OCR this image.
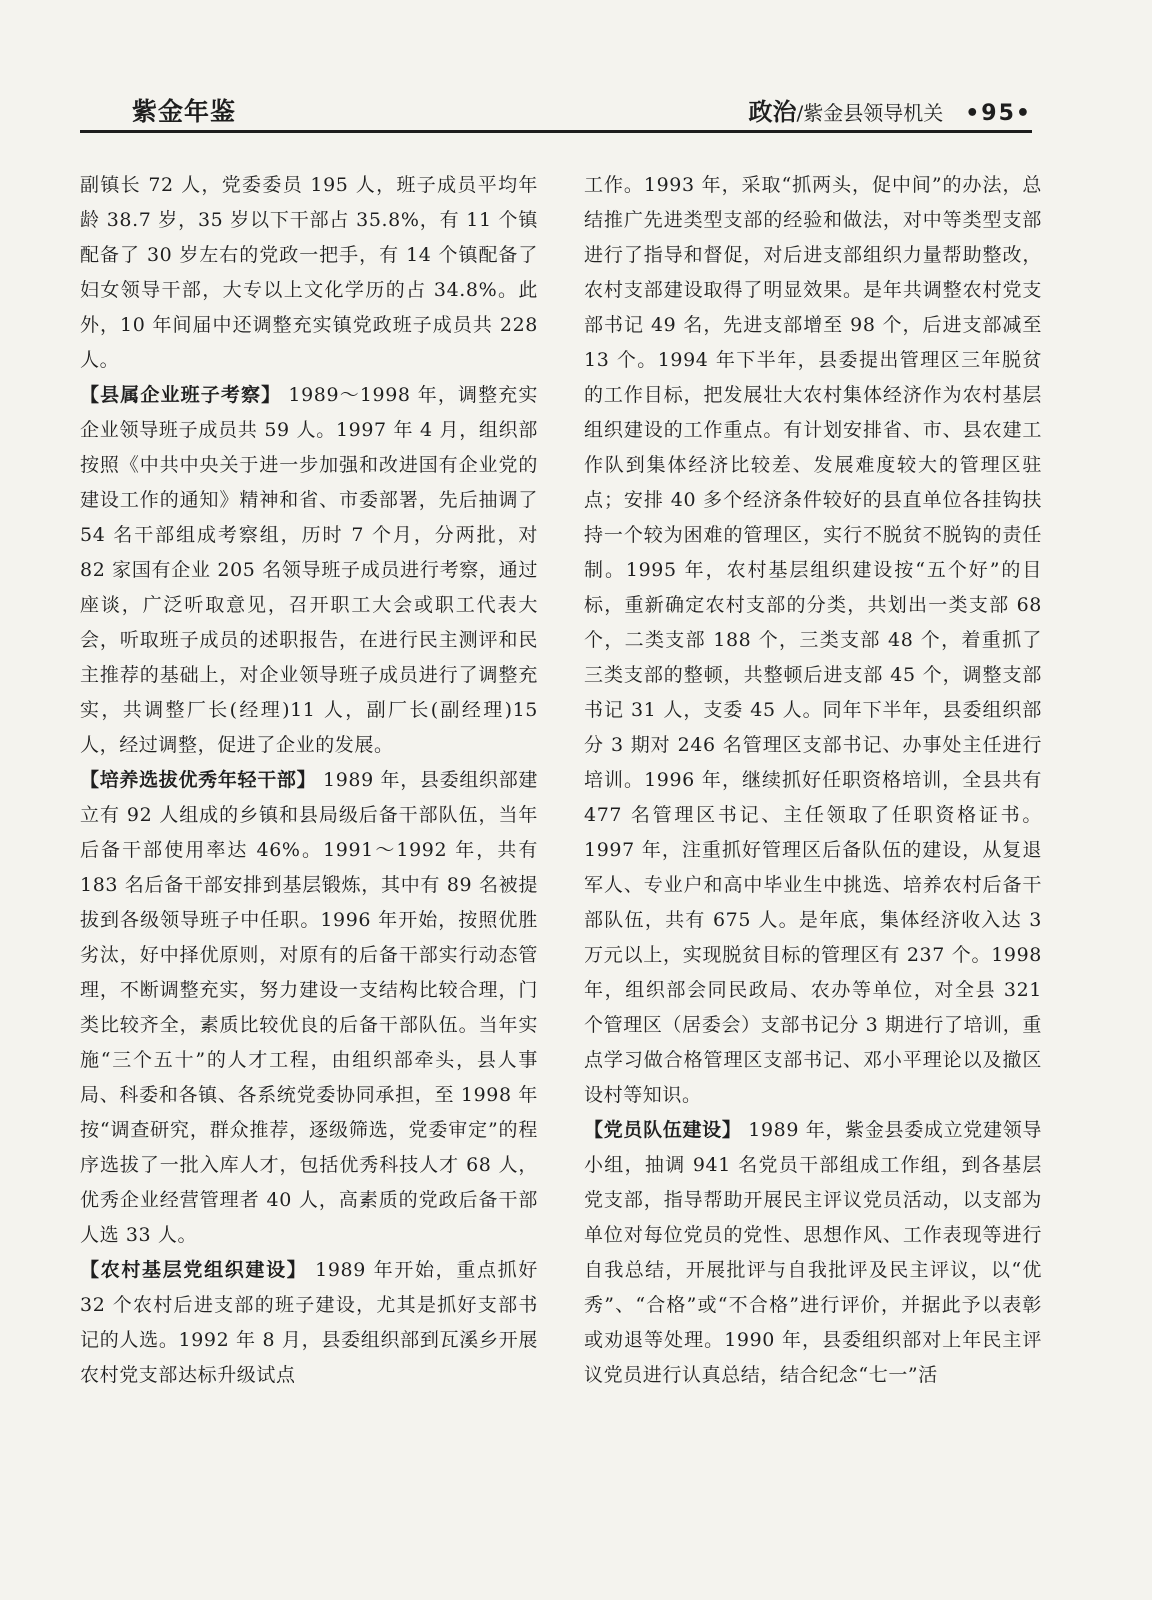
紫金年鉴	政治/紫金县领导机关 •95•

副镇长 72 人，党委委员 195 人，班子成员平均年龄 38.7 岁，35 岁以下干部占 35.8%，有 11 个镇配备了 30 岁左右的党政一把手，有 14 个镇配备了妇女领导干部，大专以上文化学历的占 34.8%。此外，10 年间届中还调整充实镇党政班子成员共 228 人。

【县属企业班子考察】 1989～1998 年，调整充实企业领导班子成员共 59 人。1997 年 4 月，组织部按照《中共中央关于进一步加强和改进国有企业党的建设工作的通知》精神和省、市委部署，先后抽调了 54 名干部组成考察组，历时 7 个月，分两批，对 82 家国有企业 205 名领导班子成员进行考察，通过座谈，广泛听取意见，召开职工大会或职工代表大会，听取班子成员的述职报告，在进行民主测评和民主推荐的基础上，对企业领导班子成员进行了调整充实，共调整厂长(经理)11 人，副厂长(副经理)15 人，经过调整，促进了企业的发展。

【培养选拔优秀年轻干部】 1989 年，县委组织部建立有 92 人组成的乡镇和县局级后备干部队伍，当年后备干部使用率达 46%。1991～1992 年，共有 183 名后备干部安排到基层锻炼，其中有 89 名被提拔到各级领导班子中任职。1996 年开始，按照优胜劣汰，好中择优原则，对原有的后备干部实行动态管理，不断调整充实，努力建设一支结构比较合理，门类比较齐全，素质比较优良的后备干部队伍。当年实施“三个五十”的人才工程，由组织部牵头，县人事局、科委和各镇、各系统党委协同承担，至 1998 年按“调查研究，群众推荐，逐级筛选，党委审定”的程序选拔了一批入库人才，包括优秀科技人才 68 人，优秀企业经营管理者 40 人，高素质的党政后备干部人选 33 人。

【农村基层党组织建设】 1989 年开始，重点抓好 32 个农村后进支部的班子建设，尤其是抓好支部书记的人选。1992 年 8 月，县委组织部到瓦溪乡开展农村党支部达标升级试点

工作。1993 年，采取“抓两头，促中间”的办法，总结推广先进类型支部的经验和做法，对中等类型支部进行了指导和督促，对后进支部组织力量帮助整改，农村支部建设取得了明显效果。是年共调整农村党支部书记 49 名，先进支部增至 98 个，后进支部减至 13 个。1994 年下半年，县委提出管理区三年脱贫的工作目标，把发展壮大农村集体经济作为农村基层组织建设的工作重点。有计划安排省、市、县农建工作队到集体经济比较差、发展难度较大的管理区驻点；安排 40 多个经济条件较好的县直单位各挂钩扶持一个较为困难的管理区，实行不脱贫不脱钩的责任制。1995 年，农村基层组织建设按“五个好”的目标，重新确定农村支部的分类，共划出一类支部 68 个，二类支部 188 个，三类支部 48 个，着重抓了三类支部的整顿，共整顿后进支部 45 个，调整支部书记 31 人，支委 45 人。同年下半年，县委组织部分 3 期对 246 名管理区支部书记、办事处主任进行培训。1996 年，继续抓好任职资格培训，全县共有 477 名管理区书记、主任领取了任职资格证书。1997 年，注重抓好管理区后备队伍的建设，从复退军人、专业户和高中毕业生中挑选、培养农村后备干部队伍，共有 675 人。是年底，集体经济收入达 3 万元以上，实现脱贫目标的管理区有 237 个。1998 年，组织部会同民政局、农办等单位，对全县 321 个管理区（居委会）支部书记分 3 期进行了培训，重点学习做合格管理区支部书记、邓小平理论以及撤区设村等知识。

【党员队伍建设】 1989 年，紫金县委成立党建领导小组，抽调 941 名党员干部组成工作组，到各基层党支部，指导帮助开展民主评议党员活动，以支部为单位对每位党员的党性、思想作风、工作表现等进行自我总结，开展批评与自我批评及民主评议，以“优秀”、“合格”或“不合格”进行评价，并据此予以表彰或劝退等处理。1990 年，县委组织部对上年民主评议党员进行认真总结，结合纪念“七一”活
